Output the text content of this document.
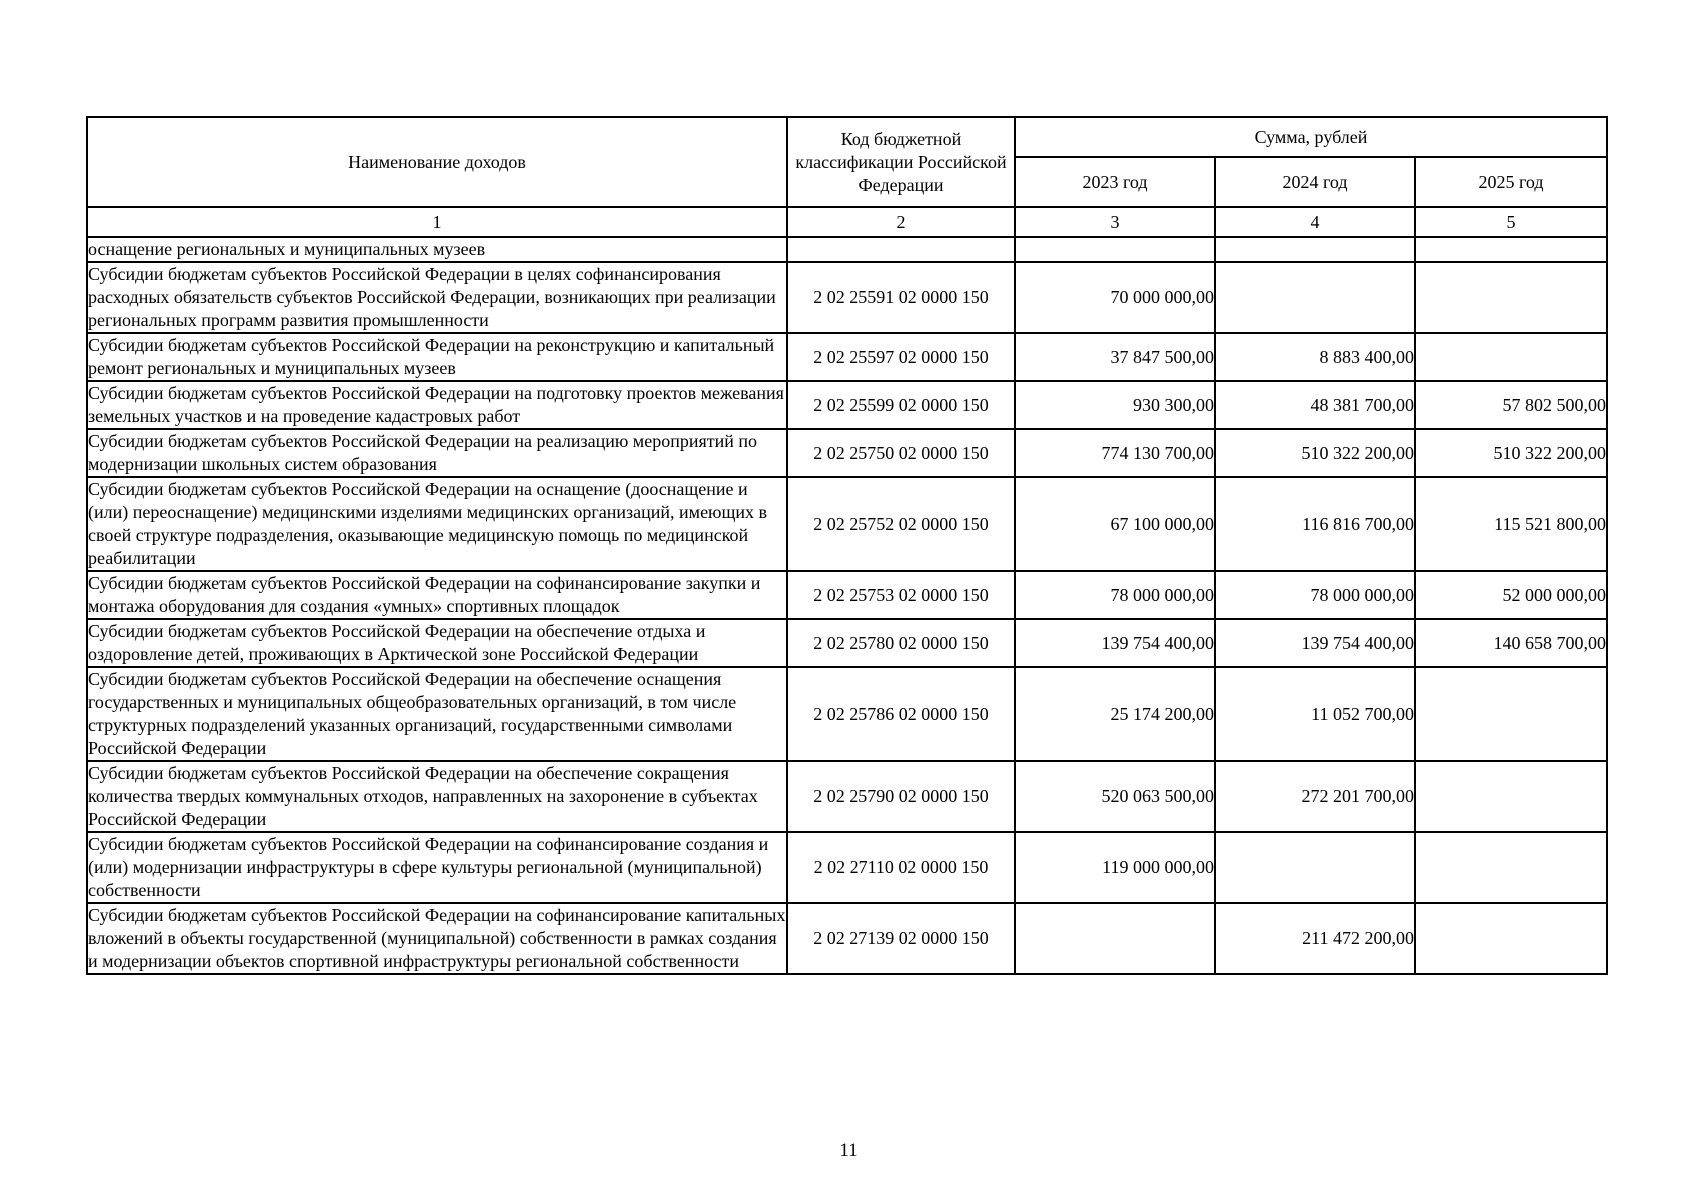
Наименование доходов	Код бюджетной классификации Российской Федерации	Сумма, рублей		
		2023 год	2024 год	2025 год
1	2	3	4	5
оснащение региональных и муниципальных музеев				
Субсидии бюджетам субъектов Российской Федерации в целях софинансирования расходных обязательств субъектов Российской Федерации, возникающих при реализации региональных программ развития промышленности	2 02 25591 02 0000 150	70 000 000,00		
Субсидии бюджетам субъектов Российской Федерации на реконструкцию и капитальный ремонт региональных и муниципальных музеев	2 02 25597 02 0000 150	37 847 500,00	8 883 400,00	
Субсидии бюджетам субъектов Российской Федерации на подготовку проектов межевания земельных участков и на проведение кадастровых работ	2 02 25599 02 0000 150	930 300,00	48 381 700,00	57 802 500,00
Субсидии бюджетам субъектов Российской Федерации на реализацию мероприятий по модернизации школьных систем образования	2 02 25750 02 0000 150	774 130 700,00	510 322 200,00	510 322 200,00
Субсидии бюджетам субъектов Российской Федерации на оснащение (дооснащение и (или) переоснащение) медицинскими изделиями медицинских организаций, имеющих в своей структуре подразделения, оказывающие медицинскую помощь по медицинской реабилитации	2 02 25752 02 0000 150	67 100 000,00	116 816 700,00	115 521 800,00
Субсидии бюджетам субъектов Российской Федерации на софинансирование закупки и монтажа оборудования для создания «умных» спортивных площадок	2 02 25753 02 0000 150	78 000 000,00	78 000 000,00	52 000 000,00
Субсидии бюджетам субъектов Российской Федерации на обеспечение отдыха и оздоровление детей, проживающих в Арктической зоне Российской Федерации	2 02 25780 02 0000 150	139 754 400,00	139 754 400,00	140 658 700,00
Субсидии бюджетам субъектов Российской Федерации на обеспечение оснащения государственных и муниципальных общеобразовательных организаций, в том числе структурных подразделений указанных организаций, государственными символами Российской Федерации	2 02 25786 02 0000 150	25 174 200,00	11 052 700,00	
Субсидии бюджетам субъектов Российской Федерации на обеспечение сокращения количества твердых коммунальных отходов, направленных на захоронение в субъектах Российской Федерации	2 02 25790 02 0000 150	520 063 500,00	272 201 700,00	
Субсидии бюджетам субъектов Российской Федерации на софинансирование создания и (или) модернизации инфраструктуры в сфере культуры региональной (муниципальной) собственности	2 02 27110 02 0000 150	119 000 000,00		
Субсидии бюджетам субъектов Российской Федерации на софинансирование капитальных вложений в объекты государственной (муниципальной) собственности в рамках создания и модернизации объектов спортивной инфраструктуры региональной собственности	2 02 27139 02 0000 150		211 472 200,00	
11
